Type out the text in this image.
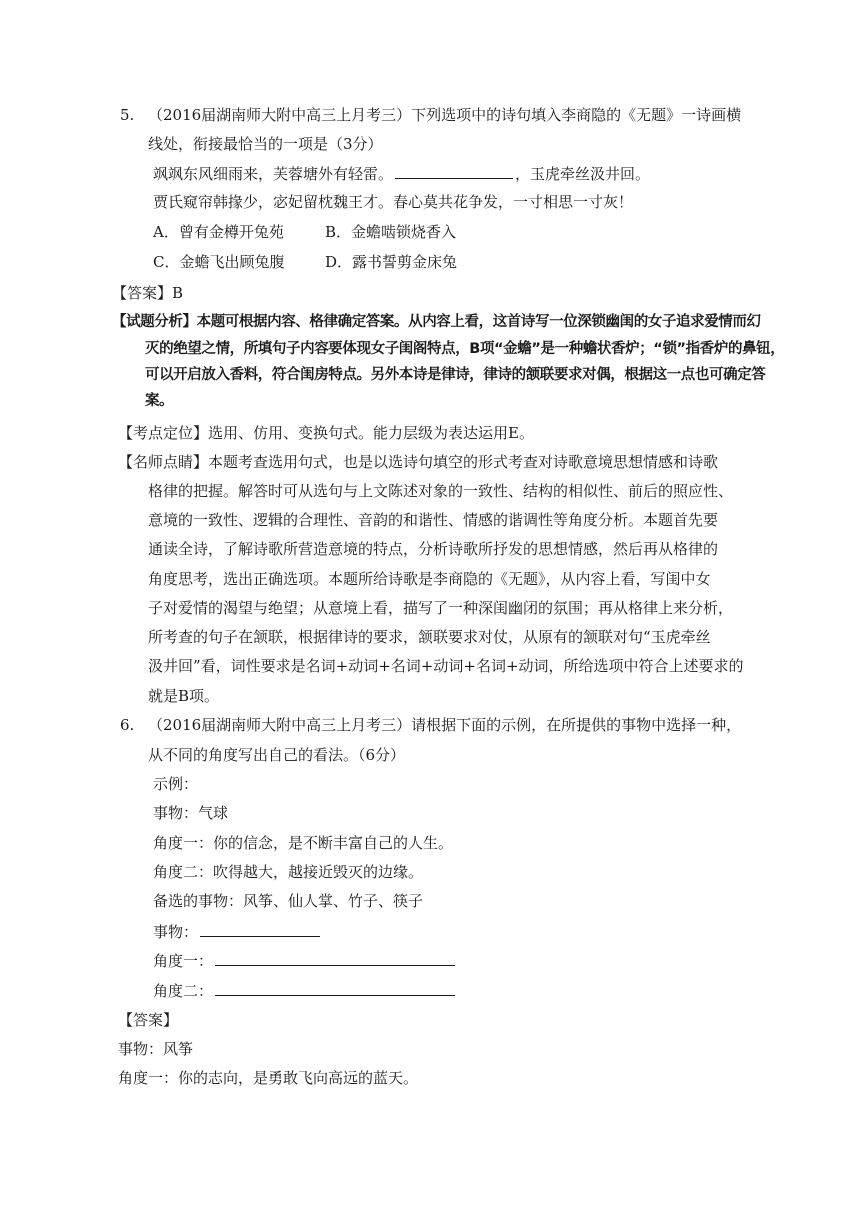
5. （2016届湖南师大附中高三上月考三）下列选项中的诗句填入李商隐的《无题》一诗画横
线处，衔接最恰当的一项是（3分）
飒飒东风细雨来，芙蓉塘外有轻雷。	，玉虎牵丝汲井回。
贾氏窥帘韩掾少，宓妃留枕魏王才。春心莫共花争发，一寸相思一寸灰！
A．曾有金樽开兔苑	B．金蟾啮锁烧香入
C．金蟾飞出顾兔腹	D．露书誓剪金床兔
【答案】B
【试题分析】本题可根据内容、格律确定答案。从内容上看，这首诗写一位深锁幽闺的女子追求爱情而幻
灭的绝望之情，所填句子内容要体现女子闺阁特点，B项“金蟾”是一种蟾状香炉；“锁”指香炉的鼻钮，
可以开启放入香料，符合闺房特点。另外本诗是律诗，律诗的颔联要求对偶，根据这一点也可确定答
案。
【考点定位】选用、仿用、变换句式。能力层级为表达运用E。
【名师点睛】本题考查选用句式，也是以选诗句填空的形式考查对诗歌意境思想情感和诗歌
格律的把握。解答时可从选句与上文陈述对象的一致性、结构的相似性、前后的照应性、
意境的一致性、逻辑的合理性、音韵的和谐性、情感的谐调性等角度分析。本题首先要
通读全诗，了解诗歌所营造意境的特点，分析诗歌所抒发的思想情感，然后再从格律的
角度思考，选出正确选项。本题所给诗歌是李商隐的《无题》，从内容上看，写闺中女
子对爱情的渴望与绝望；从意境上看，描写了一种深闺幽闭的氛围；再从格律上来分析，
所考查的句子在颔联，根据律诗的要求，颔联要求对仗，从原有的颔联对句“玉虎牵丝
汲井回”看，词性要求是名词+动词+名词+动词+名词+动词，所给选项中符合上述要求的
就是B项。
6. （2016届湖南师大附中高三上月考三）请根据下面的示例，在所提供的事物中选择一种，
从不同的角度写出自己的看法。（6分）
示例：
事物：气球
角度一：你的信念，是不断丰富自己的人生。
角度二：吹得越大，越接近毁灭的边缘。
备选的事物：风筝、仙人掌、竹子、筷子
事物：
角度一：
角度二：
【答案】
事物：风筝
角度一：你的志向，是勇敢飞向高远的蓝天。
